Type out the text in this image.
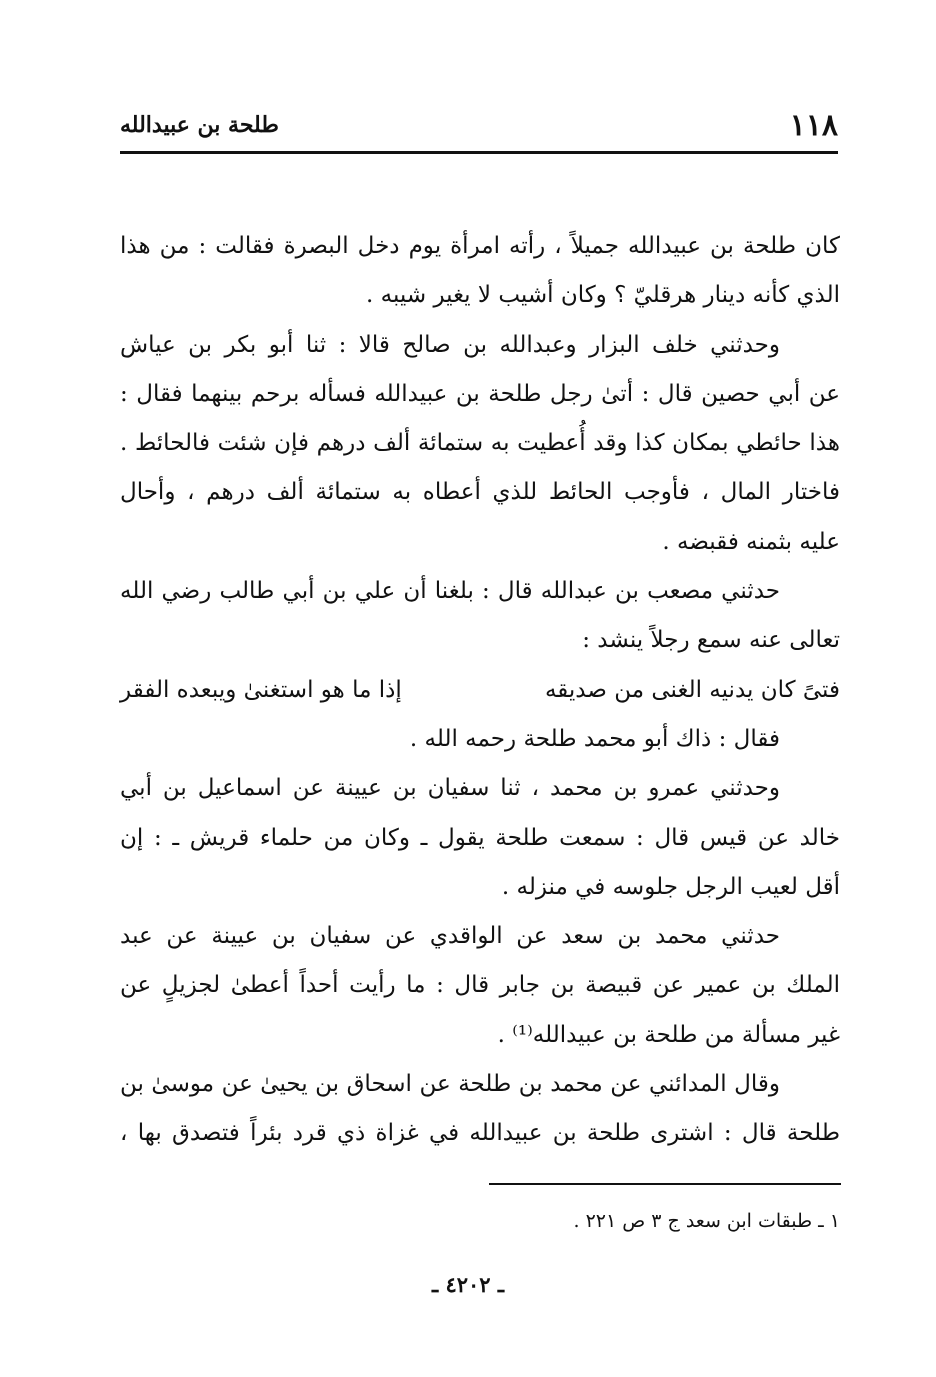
١١٨
طلحة بن عبيدالله
كان طلحة بن عبيدالله جميلاً ، رأته امرأة يوم دخل البصرة فقالت : من هذا
الذي كأنه دينار هرقليّ ؟ وكان أشيب لا يغير شيبه .
وحدثني خلف البزار وعبدالله بن صالح قالا : ثنا أبو بكر بن عياش
عن أبي حصين قال : أتىٰ رجل طلحة بن عبيدالله فسأله برحم بينهما فقال :
هذا حائطي بمكان كذا وقد أُعطيت به ستمائة ألف درهم فإن شئت فالحائط .
فاختار المال ، فأوجب الحائط للذي أعطاه به ستمائة ألف درهم ، وأحال
عليه بثمنه فقبضه .
حدثني مصعب بن عبدالله قال : بلغنا أن علي بن أبي طالب رضي الله
تعالى عنه سمع رجلاً ينشد :
فتىً كان يدنيه الغنى من صديقه
إذا ما هو استغنىٰ ويبعده الفقر
فقال : ذاك أبو محمد طلحة رحمه الله .
وحدثني عمرو بن محمد ، ثنا سفيان بن عيينة عن اسماعيل بن أبي
خالد عن قيس قال : سمعت طلحة يقول ـ وكان من حلماء قريش ـ : إن
أقل لعيب الرجل جلوسه في منزله .
حدثني محمد بن سعد عن الواقدي عن سفيان بن عيينة عن عبد
الملك بن عمير عن قبيصة بن جابر قال : ما رأيت أحداً أعطىٰ لجزيلٍ عن
غير مسألة من طلحة بن عبيدالله⁽¹⁾ .
وقال المدائني عن محمد بن طلحة عن اسحاق بن يحيىٰ عن موسىٰ بن
طلحة قال : اشترى طلحة بن عبيدالله في غزاة ذي قرد بئراً فتصدق بها ،
١ ـ طبقات ابن سعد ج ٣ ص ٢٢١ .
ـ ٤٢٠٢ ـ
